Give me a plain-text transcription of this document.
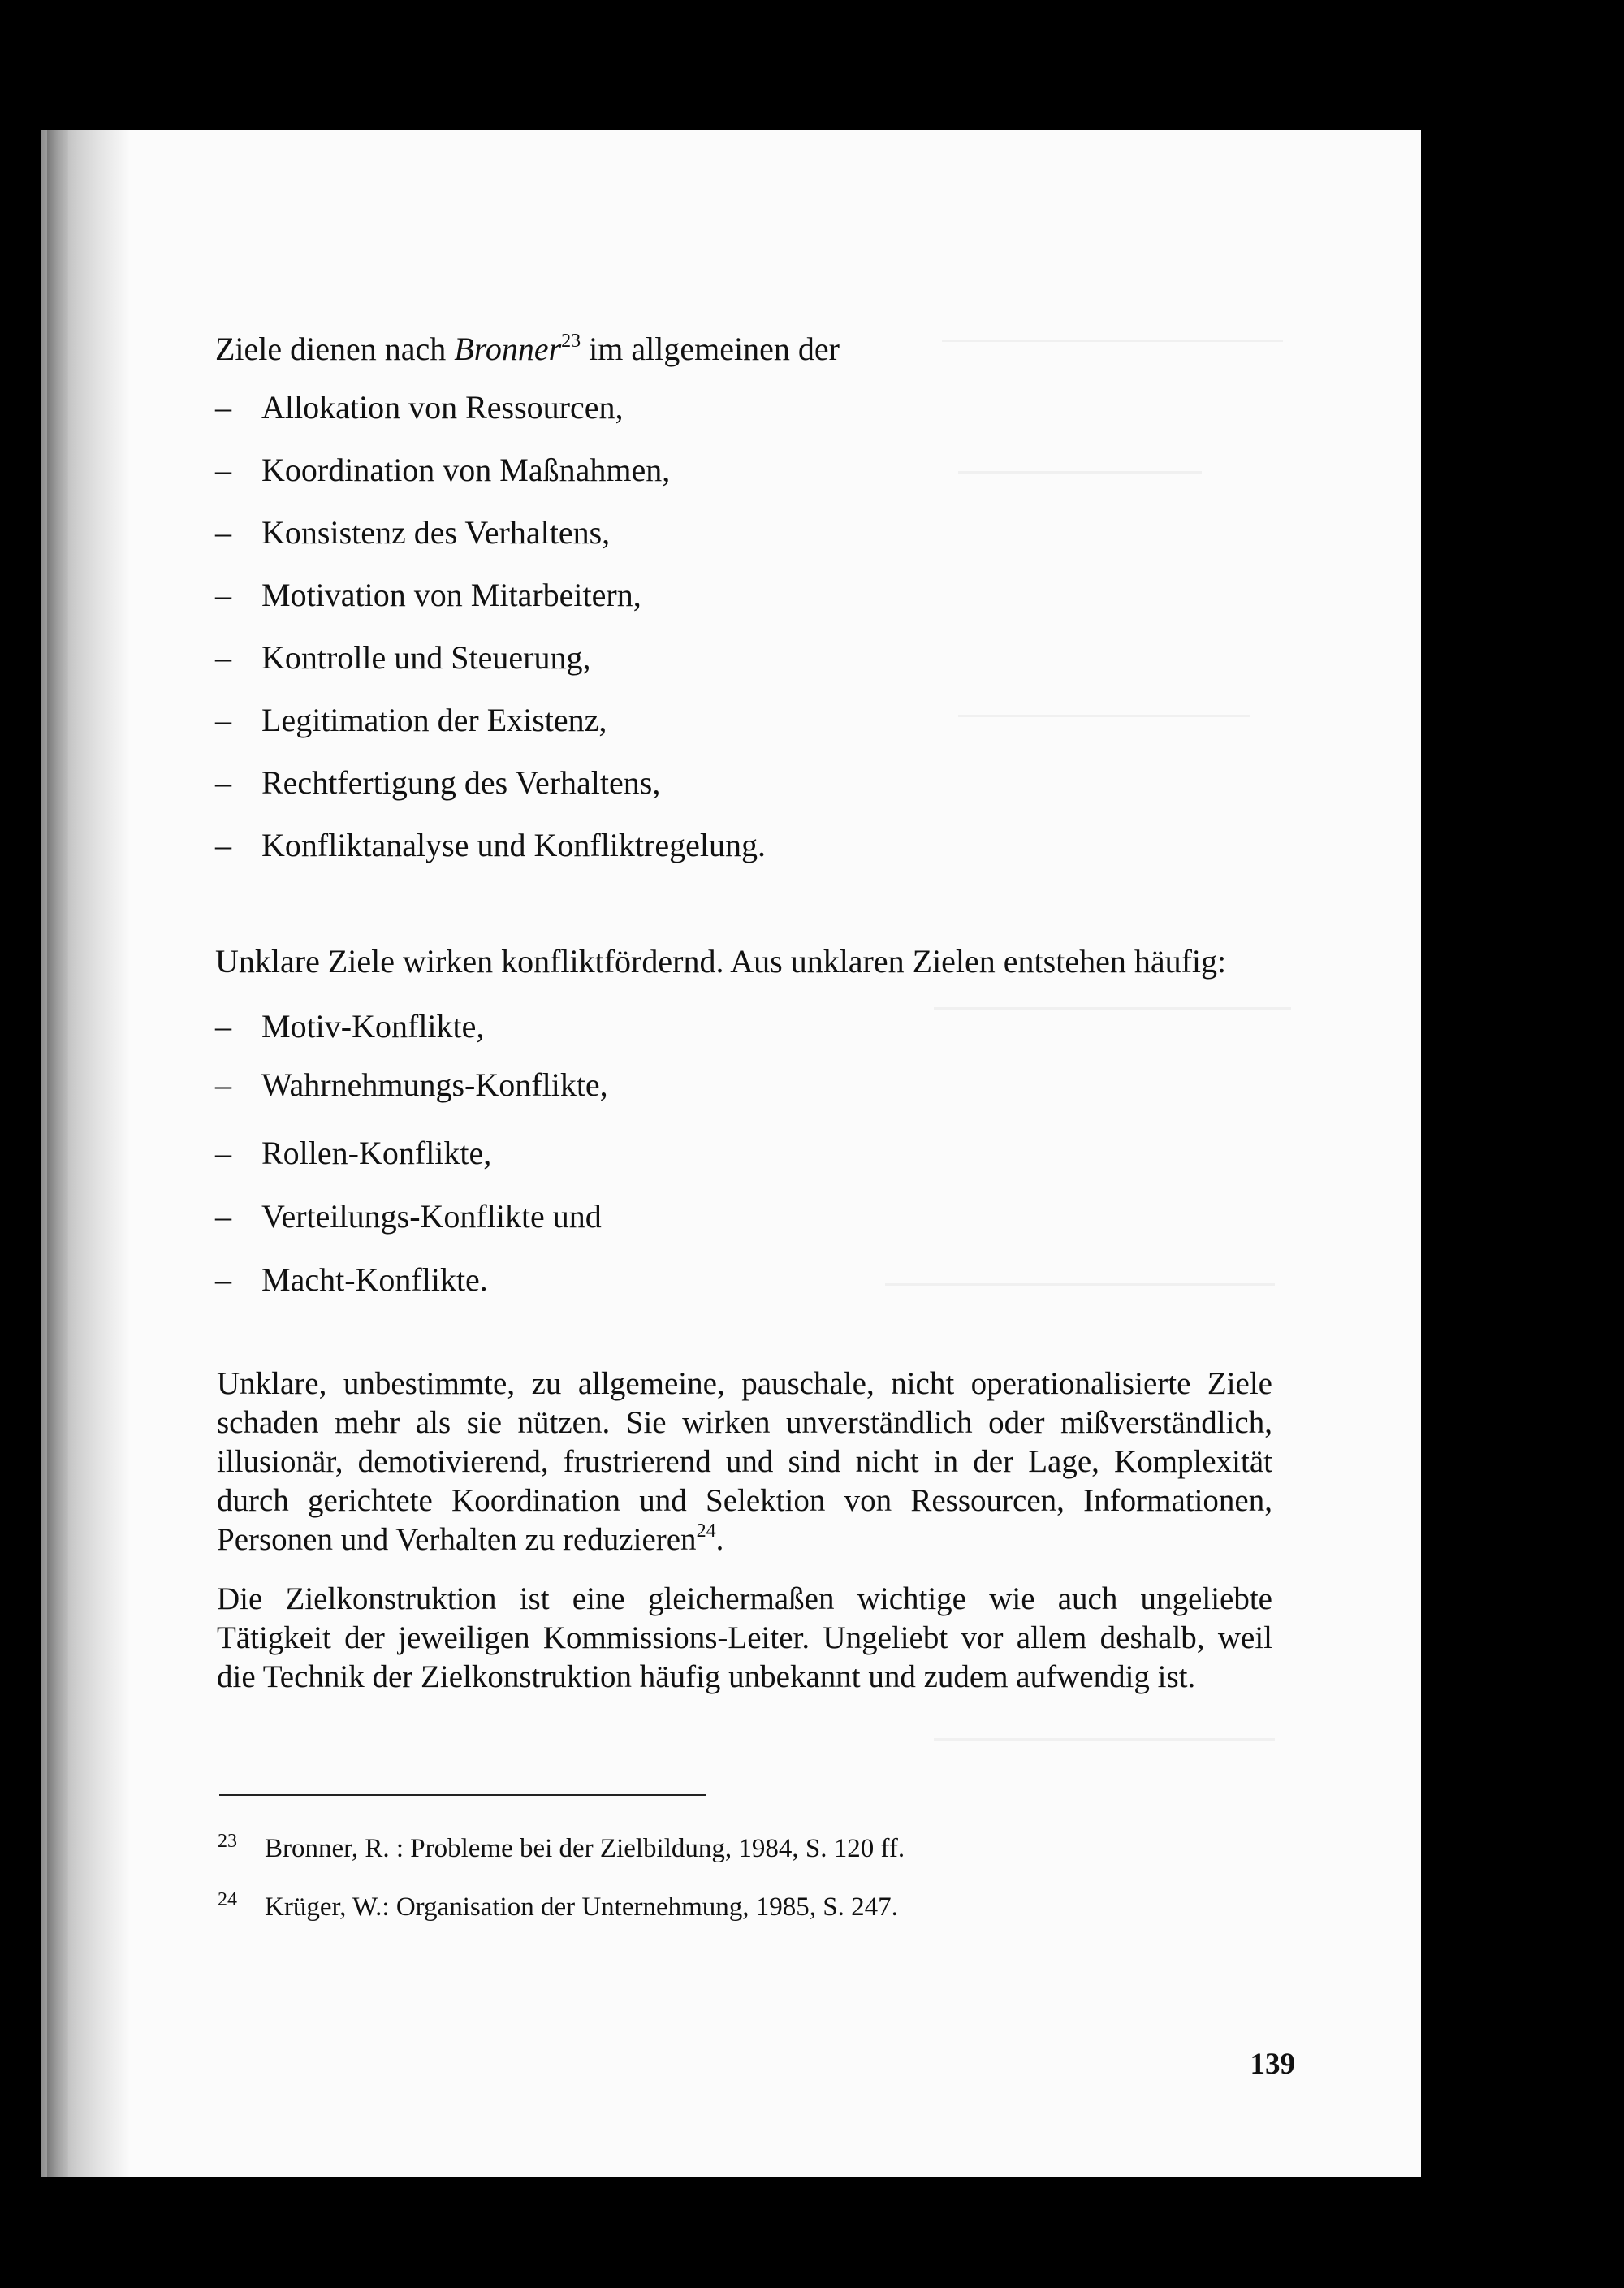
Ziele dienen nach Bronner$^{23}$ im allgemeinen der
– Allokation von Ressourcen,
– Koordination von Maßnahmen,
– Konsistenz des Verhaltens,
– Motivation von Mitarbeitern,
– Kontrolle und Steuerung,
– Legitimation der Existenz,
– Rechtfertigung des Verhaltens,
– Konfliktanalyse und Konfliktregelung.
Unklare Ziele wirken konfliktfördernd. Aus unklaren Zielen entstehen häufig:
– Motiv-Konflikte,
– Wahrnehmungs-Konflikte,
– Rollen-Konflikte,
– Verteilungs-Konflikte und
– Macht-Konflikte.
Unklare, unbestimmte, zu allgemeine, pauschale, nicht operationalisierte Ziele schaden mehr als sie nützen. Sie wirken unverständlich oder mißverständlich, illusionär, demotivierend, frustrierend und sind nicht in der Lage, Komplexität durch gerichtete Koordination und Selektion von Ressourcen, Informationen, Personen und Verhalten zu reduzieren$^{24}$.
Die Zielkonstruktion ist eine gleichermaßen wichtige wie auch ungeliebte Tätigkeit der jeweiligen Kommissions-Leiter. Ungeliebt vor allem deshalb, weil die Technik der Zielkonstruktion häufig unbekannt und zudem aufwendig ist.
23 Bronner, R. : Probleme bei der Zielbildung, 1984, S. 120 ff.
24 Krüger, W.: Organisation der Unternehmung, 1985, S. 247.
139
